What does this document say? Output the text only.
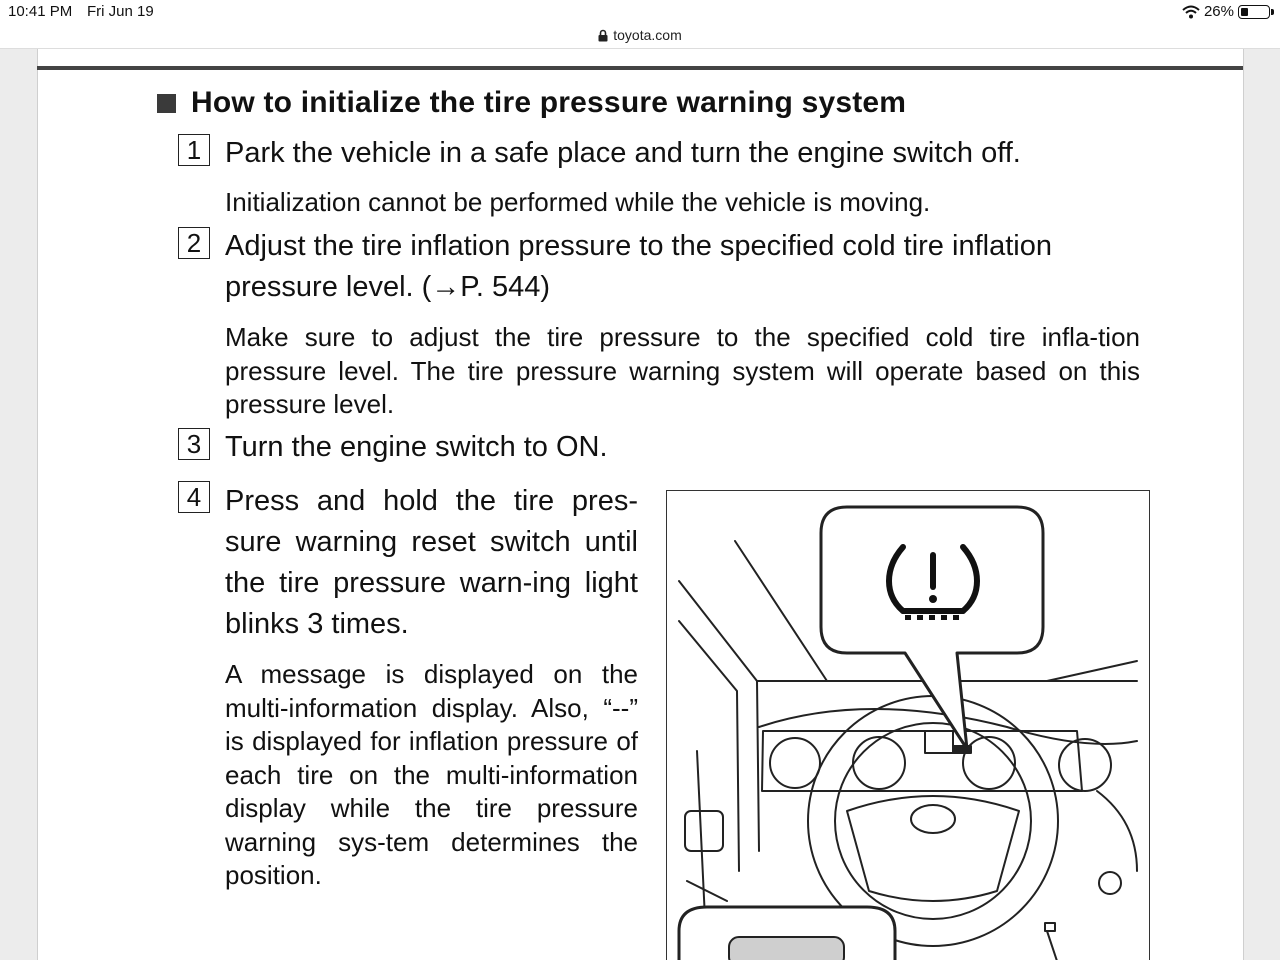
10:41 PM Fri Jun 19	26%
toyota.com
How to initialize the tire pressure warning system
1 Park the vehicle in a safe place and turn the engine switch off.
Initialization cannot be performed while the vehicle is moving.
2 Adjust the tire inflation pressure to the specified cold tire inflation
pressure level. (→P. 544)
Make sure to adjust the tire pressure to the specified cold tire infla-tion pressure level. The tire pressure warning system will operate based on this pressure level.
3 Turn the engine switch to ON.
4 Press and hold the tire pres-sure warning reset switch until the tire pressure warn-ing light blinks 3 times.
A message is displayed on the multi-information display. Also, “--” is displayed for inflation pressure of each tire on the multi-information display while the tire pressure warning sys-tem determines the position.
